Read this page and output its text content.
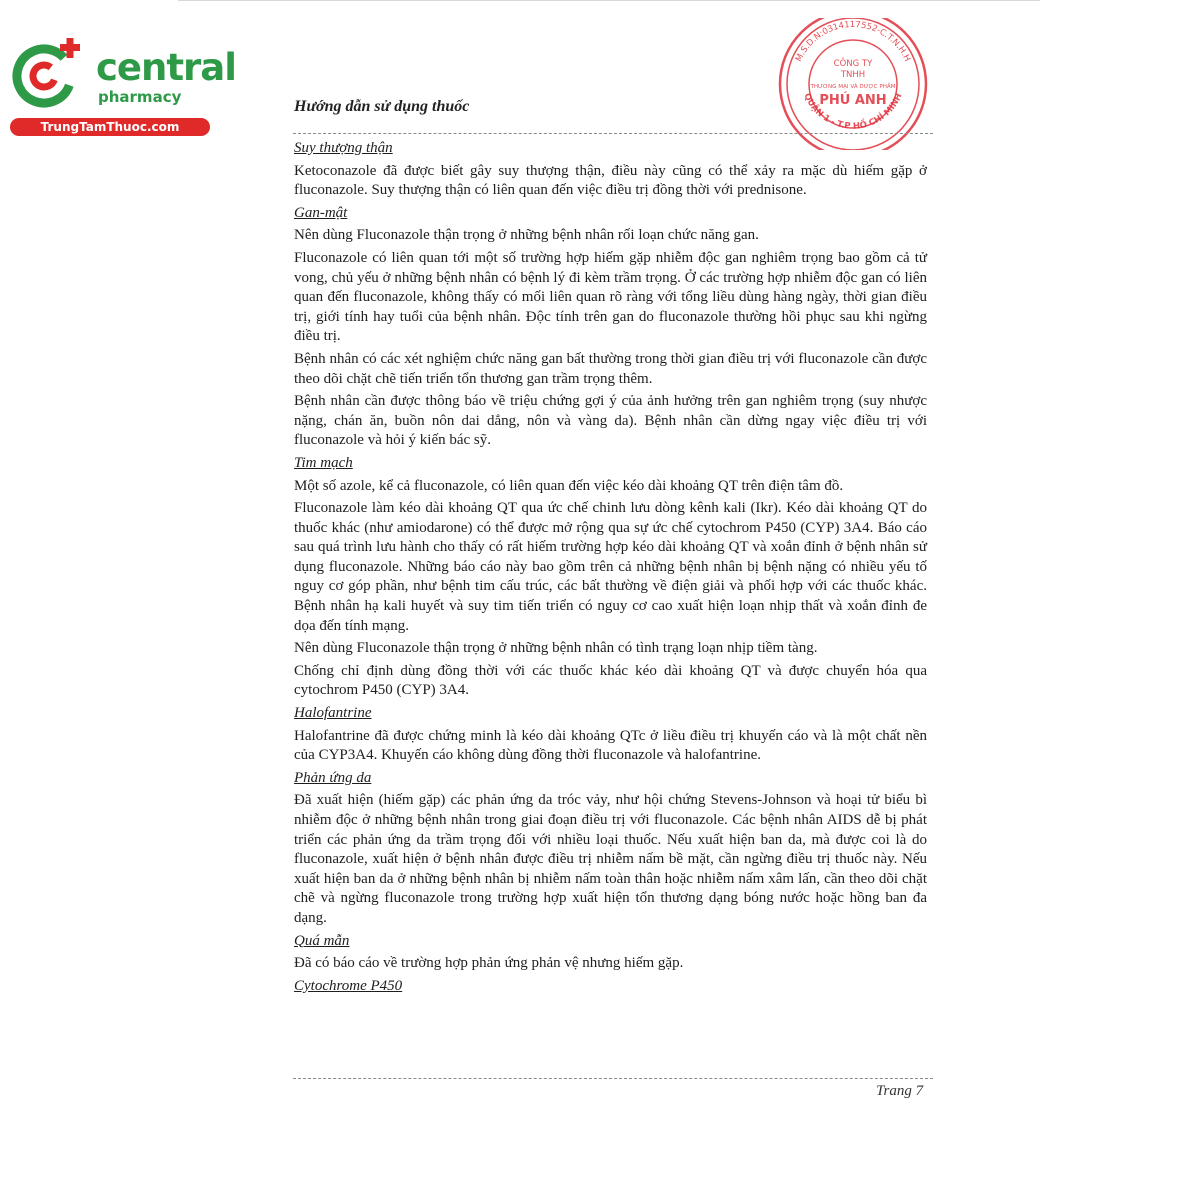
central
pharmacy
TrungTamThuoc.com
M.S.D.N:0314117552-C.T.N.H.H
QUẬN 1 - T.P HỒ CHÍ MINH
CÔNG TY
TNHH
THƯƠNG MẠI VÀ DƯỢC PHẨM
PHÚ ANH
Hướng dẫn sử dụng thuốc
Suy thượng thận

Ketoconazole đã được biết gây suy thượng thận, điều này cũng có thể xảy ra mặc dù hiếm gặp ở fluconazole. Suy thượng thận có liên quan đến việc điều trị đồng thời với prednisone.

Gan-mật

Nên dùng Fluconazole thận trọng ở những bệnh nhân rối loạn chức năng gan.

Fluconazole có liên quan tới một số trường hợp hiếm gặp nhiễm độc gan nghiêm trọng bao gồm cả tử vong, chủ yếu ở những bệnh nhân có bệnh lý đi kèm trầm trọng. Ở các trường hợp nhiễm độc gan có liên quan đến fluconazole, không thấy có mối liên quan rõ ràng với tổng liều dùng hàng ngày, thời gian điều trị, giới tính hay tuổi của bệnh nhân. Độc tính trên gan do fluconazole thường hồi phục sau khi ngừng điều trị.

Bệnh nhân có các xét nghiệm chức năng gan bất thường trong thời gian điều trị với fluconazole cần được theo dõi chặt chẽ tiến triển tổn thương gan trầm trọng thêm.

Bệnh nhân cần được thông báo về triệu chứng gợi ý của ảnh hưởng trên gan nghiêm trọng (suy nhược nặng, chán ăn, buồn nôn dai dẳng, nôn và vàng da). Bệnh nhân cần dừng ngay việc điều trị với fluconazole và hỏi ý kiến bác sỹ.

Tim mạch

Một số azole, kể cả fluconazole, có liên quan đến việc kéo dài khoảng QT trên điện tâm đồ.

Fluconazole làm kéo dài khoảng QT qua ức chế chinh lưu dòng kênh kali (Ikr). Kéo dài khoảng QT do thuốc khác (như amiodarone) có thể được mở rộng qua sự ức chế cytochrom P450 (CYP) 3A4. Báo cáo sau quá trình lưu hành cho thấy có rất hiếm trường hợp kéo dài khoảng QT và xoắn đỉnh ở bệnh nhân sử dụng fluconazole. Những báo cáo này bao gồm trên cả những bệnh nhân bị bệnh nặng có nhiều yếu tố nguy cơ góp phần, như bệnh tim cấu trúc, các bất thường về điện giải và phối hợp với các thuốc khác. Bệnh nhân hạ kali huyết và suy tim tiến triển có nguy cơ cao xuất hiện loạn nhịp thất và xoắn đỉnh đe dọa đến tính mạng.

Nên dùng Fluconazole thận trọng ở những bệnh nhân có tình trạng loạn nhịp tiềm tàng.

Chống chỉ định dùng đồng thời với các thuốc khác kéo dài khoảng QT và được chuyển hóa qua cytochrom P450 (CYP) 3A4.

Halofantrine

Halofantrine đã được chứng minh là kéo dài khoảng QTc ở liều điều trị khuyến cáo và là một chất nền của CYP3A4. Khuyến cáo không dùng đồng thời fluconazole và halofantrine.

Phản ứng da

Đã xuất hiện (hiếm gặp) các phản ứng da tróc vảy, như hội chứng Stevens-Johnson và hoại tử biểu bì nhiễm độc ở những bệnh nhân trong giai đoạn điều trị với fluconazole. Các bệnh nhân AIDS dễ bị phát triển các phản ứng da trầm trọng đối với nhiều loại thuốc. Nếu xuất hiện ban da, mà được coi là do fluconazole, xuất hiện ở bệnh nhân được điều trị nhiễm nấm bề mặt, cần ngừng điều trị thuốc này. Nếu xuất hiện ban da ở những bệnh nhân bị nhiễm nấm toàn thân hoặc nhiễm nấm xâm lấn, cần theo dõi chặt chẽ và ngừng fluconazole trong trường hợp xuất hiện tổn thương dạng bóng nước hoặc hồng ban đa dạng.

Quá mẫn

Đã có báo cáo về trường hợp phản ứng phản vệ nhưng hiếm gặp.

Cytochrome P450
Trang 7
